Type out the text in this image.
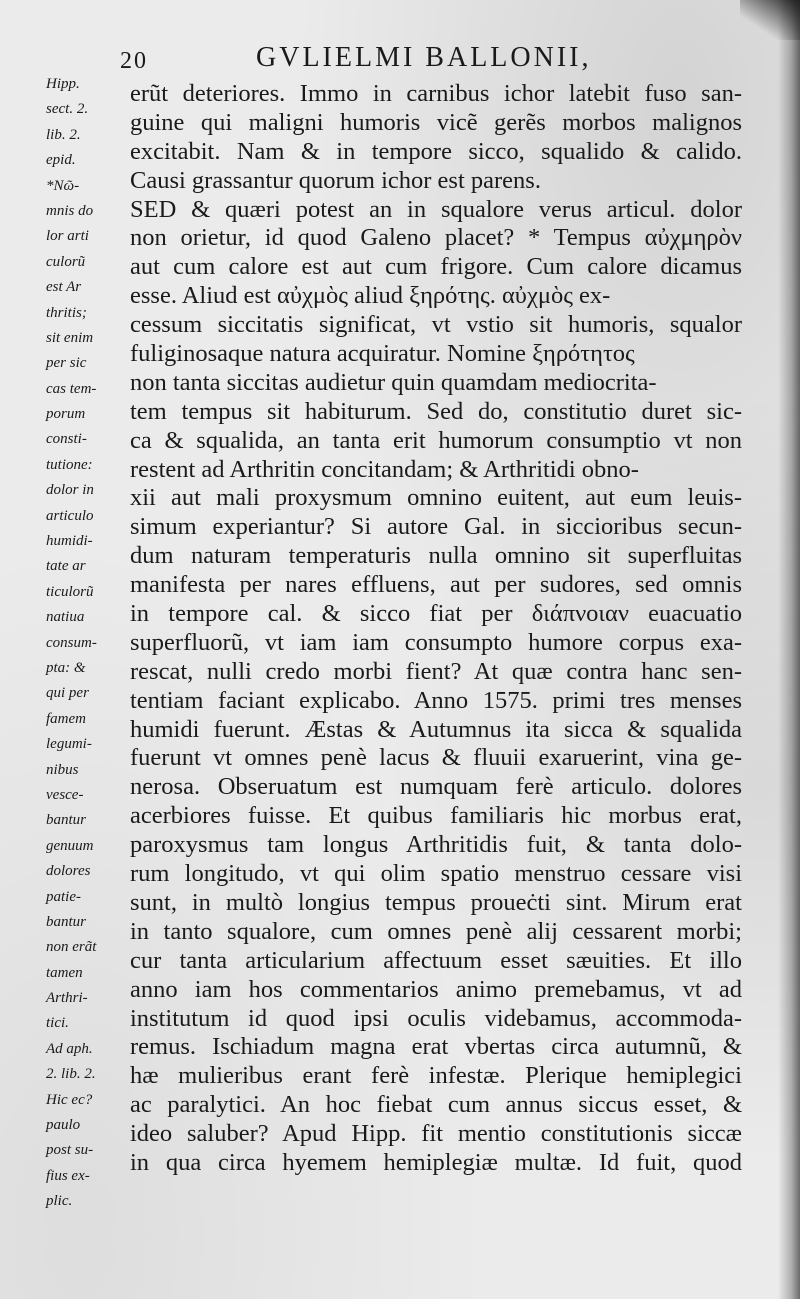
20	GVLIELMI BALLONII,
Hipp.
sect. 2.
lib. 2.
epid.
*Νῶ-
mnis do
lor arti
culorũ
est Ar
thritis;
sit enim
per sic
cas tem-
porum
consti-
tutione:
dolor in
articulo
humidi-
tate ar
ticulorũ
natiua
consum-
pta: &
qui per
famem
legumi-
nibus
vesce-
bantur
genuum
dolores
patie-
bantur
non erãt
tamen
Arthri-
tici.
Ad aph.
2. lib. 2.
Hic ec?
paulo
post su-
fius ex-
plic.
erũt deteriores. Immo in carnibus ichor latebit fuso san-
guine qui maligni humoris vicẽ gerẽs morbos malignos
excitabit. Nam & in tempore sicco, squalido & calido.
Causi grassantur quorum ichor est parens.
SED & quæri potest an in squalore verus articul. dolor
non orietur, id quod Galeno placet? * Tempus αὐχμηρὸν
aut cum calore est aut cum frigore. Cum calore dicamus
esse. Aliud est αὐχμὸς aliud ξηρότης. αὐχμὸς ex-
cessum siccitatis significat, vt vstio sit humoris, squalor
fuliginosaque natura acquiratur. Nomine ξηρότητος
non tanta siccitas audietur quin quamdam mediocrita-
tem tempus sit habiturum. Sed do, constitutio duret sic-
ca & squalida, an tanta erit humorum consumptio vt non
restent ad Arthritin concitandam; & Arthritidi obno-
xii aut mali proxysmum omnino euitent, aut eum leuis-
simum experiantur? Si autore Gal. in siccioribus secun-
dum naturam temperaturis nulla omnino sit superfluitas
manifesta per nares effluens, aut per sudores, sed omnis
in tempore cal. & sicco fiat per διάπνοιαν euacuatio
superfluorũ, vt iam iam consumpto humore corpus exa-
rescat, nulli credo morbi fient? At quæ contra hanc sen-
tentiam faciant explicabo. Anno 1575. primi tres menses
humidi fuerunt. Æstas & Autumnus ita sicca & squalida
fuerunt vt omnes penè lacus & fluuii exaruerint, vina ge-
nerosa. Obseruatum est numquam ferè articulo. dolores
acerbiores fuisse. Et quibus familiaris hic morbus erat,
paroxysmus tam longus Arthritidis fuit, & tanta dolo-
rum longitudo, vt qui olim spatio menstruo cessare visi
sunt, in multò longius tempus proueċti sint. Mirum erat
in tanto squalore, cum omnes penè alij cessarent morbi;
cur tanta articularium affectuum esset sæuities. Et illo
anno iam hos commentarios animo premebamus, vt ad
institutum id quod ipsi oculis videbamus, accommoda-
remus. Ischiadum magna erat vbertas circa autumnũ, &
hæ mulieribus erant ferè infestæ. Plerique hemiplegici
ac paralytici. An hoc fiebat cum annus siccus esset, &
ideo saluber? Apud Hipp. fit mentio constitutionis siccæ
in qua circa hyemem hemiplegiæ multæ. Id fuit, quod
